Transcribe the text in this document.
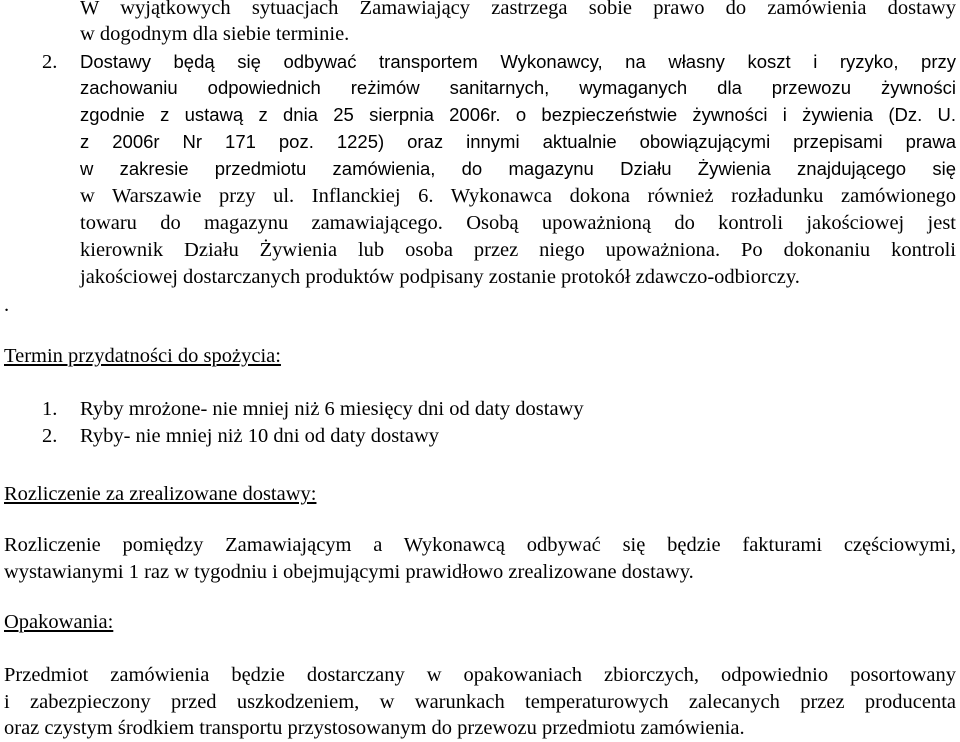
W wyjątkowych sytuacjach Zamawiający zastrzega sobie prawo do zamówienia dostawy
w dogodnym dla siebie terminie.
2. Dostawy będą się odbywać transportem Wykonawcy, na własny koszt i ryzyko, przy
zachowaniu odpowiednich reżimów sanitarnych, wymaganych dla przewozu żywności
zgodnie z ustawą z dnia 25 sierpnia 2006r. o bezpieczeństwie żywności i żywienia (Dz. U.
z 2006r Nr 171 poz. 1225) oraz innymi aktualnie obowiązującymi przepisami prawa
w zakresie przedmiotu zamówienia, do magazynu Działu Żywienia znajdującego się
w Warszawie przy ul. Inflanckiej 6. Wykonawca dokona również rozładunku zamówionego
towaru do magazynu zamawiającego. Osobą upoważnioną do kontroli jakościowej jest
kierownik Działu Żywienia lub osoba przez niego upoważniona. Po dokonaniu kontroli
jakościowej dostarczanych produktów podpisany zostanie protokół zdawczo-odbiorczy.
.
Termin przydatności do spożycia:
1. Ryby mrożone- nie mniej niż 6 miesięcy dni od daty dostawy
2. Ryby- nie mniej niż 10 dni od daty dostawy
Rozliczenie za zrealizowane dostawy:
Rozliczenie pomiędzy Zamawiającym a Wykonawcą odbywać się będzie fakturami częściowymi,
wystawianymi 1 raz w tygodniu i obejmującymi prawidłowo zrealizowane dostawy.
Opakowania:
Przedmiot zamówienia będzie dostarczany w opakowaniach zbiorczych, odpowiednio posortowany
i zabezpieczony przed uszkodzeniem, w warunkach temperaturowych zalecanych przez producenta
oraz czystym środkiem transportu przystosowanym do przewozu przedmiotu zamówienia.
